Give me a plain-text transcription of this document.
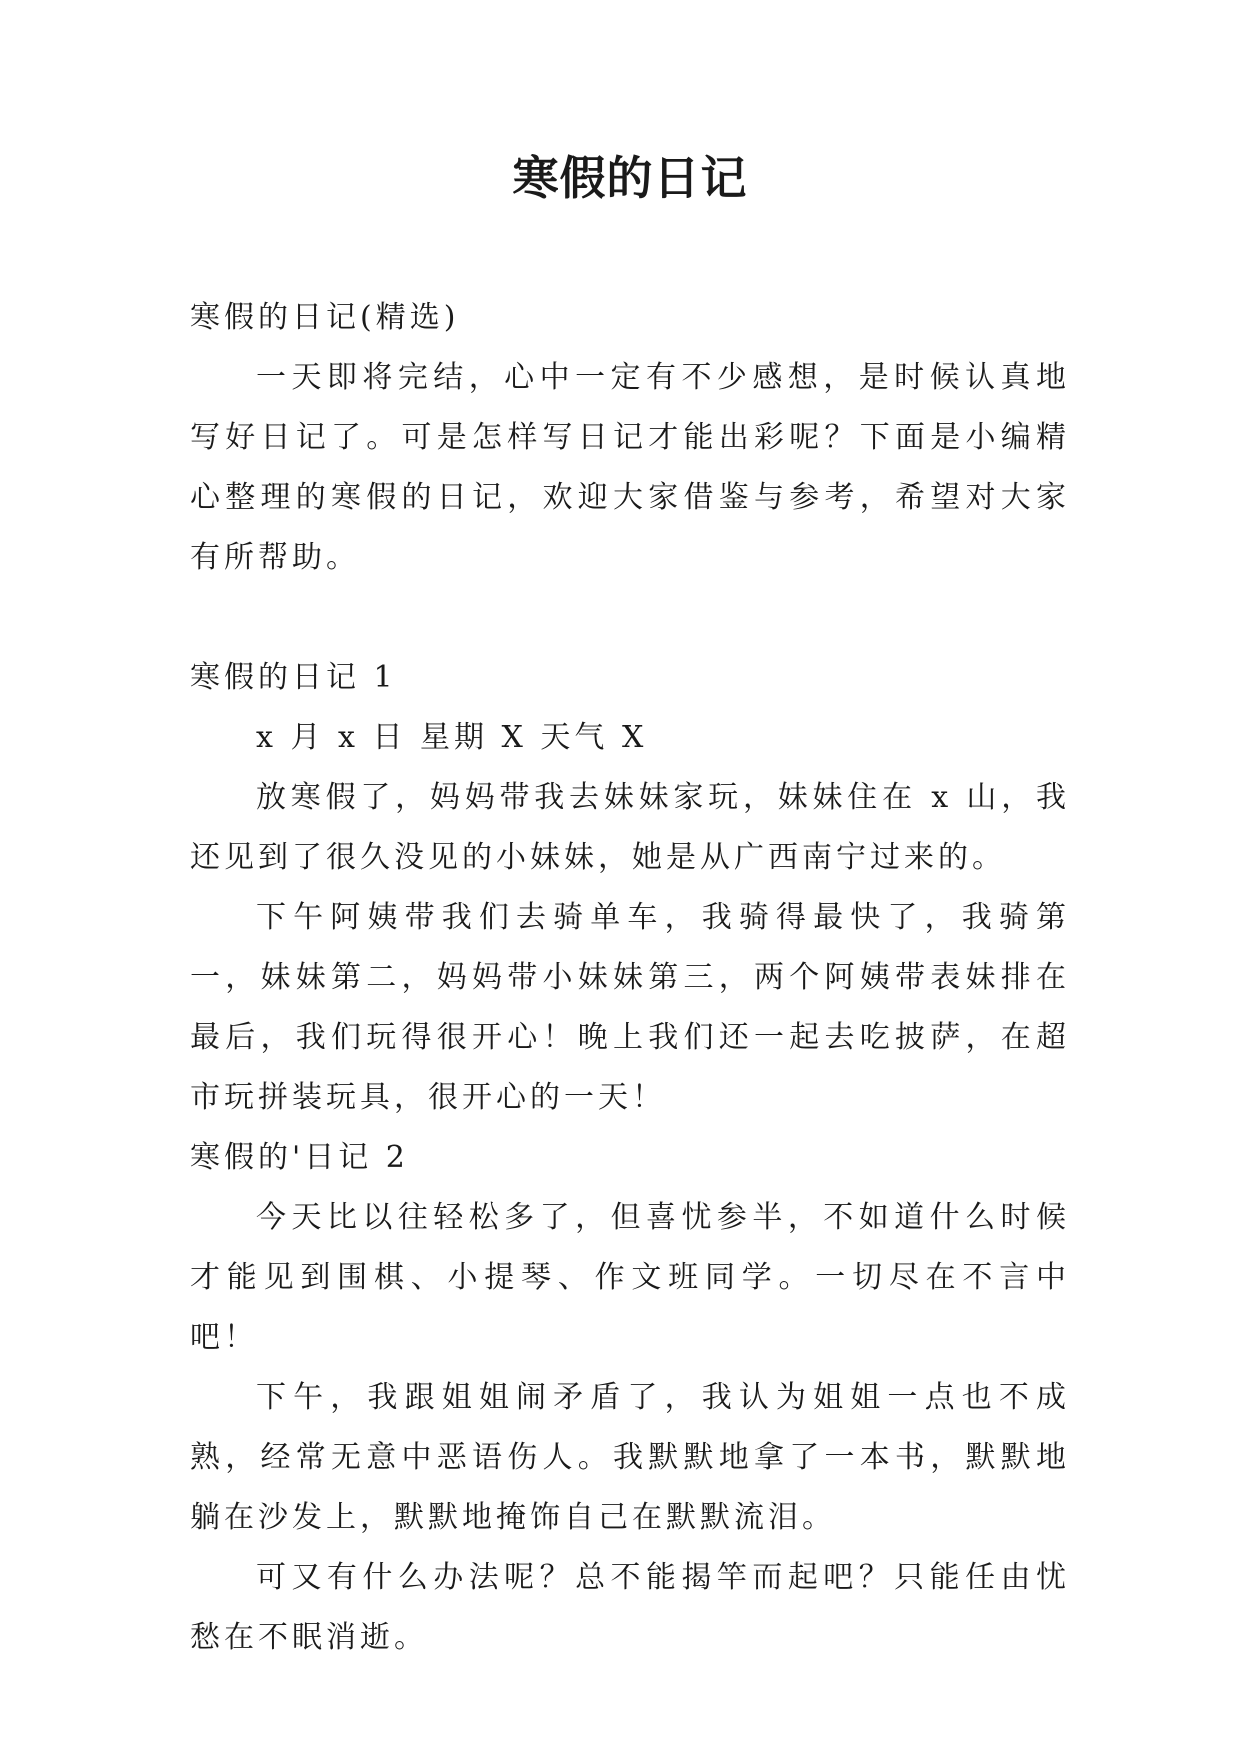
寒假的日记

寒假的日记(精选)

一天即将完结，心中一定有不少感想，是时候认真地写好日记了。可是怎样写日记才能出彩呢？下面是小编精心整理的寒假的日记，欢迎大家借鉴与参考，希望对大家有所帮助。

寒假的日记 1

x 月 x 日 星期 X 天气 X

放寒假了，妈妈带我去妹妹家玩，妹妹住在 x 山，我还见到了很久没见的小妹妹，她是从广西南宁过来的。

下午阿姨带我们去骑单车，我骑得最快了，我骑第一，妹妹第二，妈妈带小妹妹第三，两个阿姨带表妹排在最后，我们玩得很开心！晚上我们还一起去吃披萨，在超市玩拼装玩具，很开心的一天！

寒假的'日记 2

今天比以往轻松多了，但喜忧参半，不如道什么时候才能见到围棋、小提琴、作文班同学。一切尽在不言中吧！

下午，我跟姐姐闹矛盾了，我认为姐姐一点也不成熟，经常无意中恶语伤人。我默默地拿了一本书，默默地躺在沙发上，默默地掩饰自己在默默流泪。

可又有什么办法呢？总不能揭竿而起吧？只能任由忧愁在不眠消逝。
